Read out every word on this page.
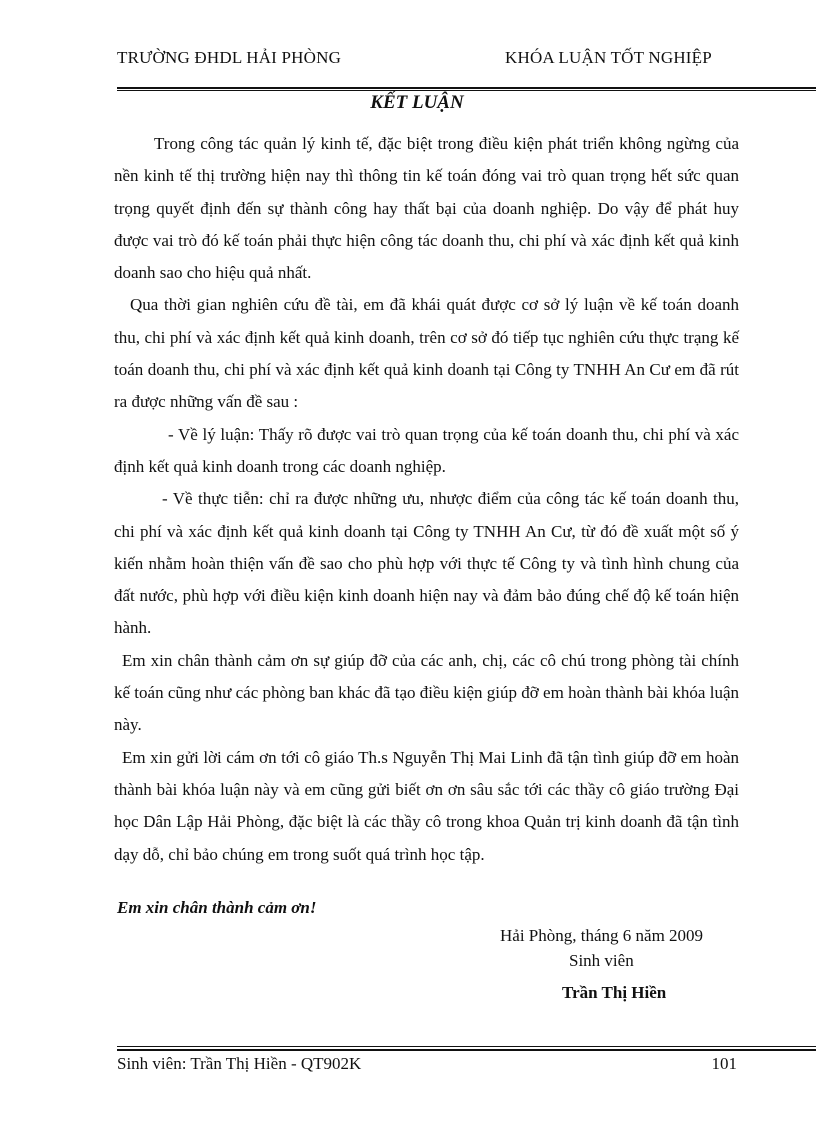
TRƯỜNG ĐHDL HẢI PHÒNG	KHÓA LUẬN TỐT NGHIỆP
KẾT LUẬN

Trong công tác quản lý kinh tế, đặc biệt trong điều kiện phát triển không ngừng của nền kinh tế thị trường hiện nay thì thông tin kế toán đóng vai trò quan trọng hết sức quan trọng quyết định đến sự thành công hay thất bại của doanh nghiệp. Do vậy để phát huy được vai trò đó kế toán phải thực hiện công tác doanh thu, chi phí và xác định kết quả kinh doanh sao cho hiệu quả nhất.

Qua thời gian nghiên cứu đề tài, em đã khái quát được cơ sở lý luận về kế toán doanh thu, chi phí và xác định kết quả kinh doanh, trên cơ sở đó tiếp tục nghiên cứu thực trạng kế toán doanh thu, chi phí và xác định kết quả kinh doanh tại Công ty TNHH An Cư em đã rút ra được những vấn đề sau :

- Về lý luận: Thấy rõ được vai trò quan trọng của kế toán doanh thu, chi phí và xác định kết quả kinh doanh trong các doanh nghiệp.

- Về thực tiễn: chỉ ra được những ưu, nhược điểm của công tác kế toán doanh thu, chi phí và xác định kết quả kinh doanh tại Công ty TNHH An Cư, từ đó đề xuất một số ý kiến nhằm hoàn thiện vấn đề sao cho phù hợp với thực tế Công ty và tình hình chung của đất nước, phù hợp với điều kiện kinh doanh hiện nay và đảm bảo đúng chế độ kế toán hiện hành.

Em xin chân thành cảm ơn sự giúp đỡ của các anh, chị, các cô chú trong phòng tài chính kế toán cũng như các phòng ban khác đã tạo điều kiện giúp đỡ em hoàn thành bài khóa luận này.

Em xin gửi lời cám ơn tới cô giáo Th.s Nguyễn Thị Mai Linh đã tận tình giúp đỡ em hoàn thành bài khóa luận này và em cũng gửi biết ơn ơn sâu sắc tới các thầy cô giáo trường Đại học Dân Lập Hải Phòng, đặc biệt là các thầy cô trong khoa Quản trị kinh doanh đã tận tình dạy dỗ, chỉ bảo chúng em trong suốt quá trình học tập.

Em xin chân thành cảm ơn!
Hải Phòng, tháng 6 năm 2009
Sinh viên
Trần Thị Hiền
Sinh viên: Trần Thị Hiền - QT902K	101
